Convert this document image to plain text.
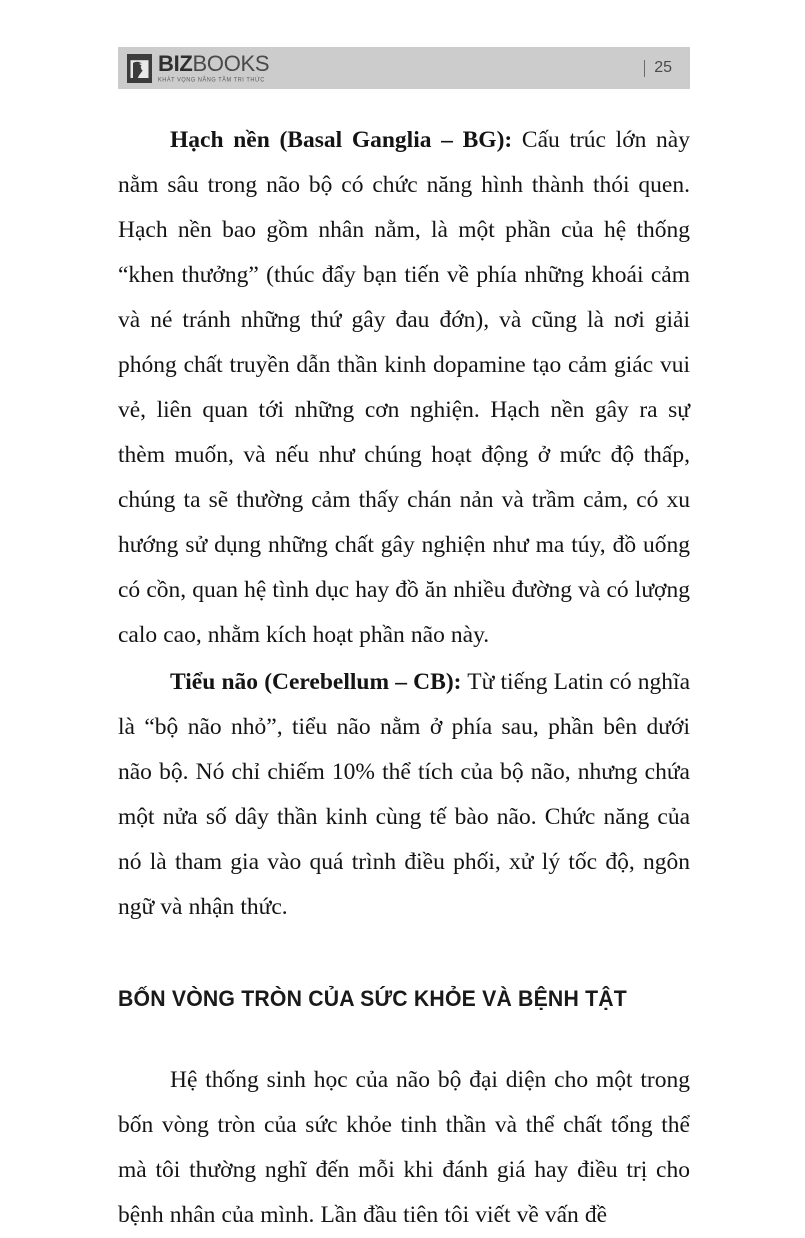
BIZBOOKS
KHÁT VỌNG NÂNG TẦM TRI THỨC
25

Hạch nền (Basal Ganglia – BG): Cấu trúc lớn này nằm sâu trong não bộ có chức năng hình thành thói quen. Hạch nền bao gồm nhân nằm, là một phần của hệ thống “khen thưởng” (thúc đẩy bạn tiến về phía những khoái cảm và né tránh những thứ gây đau đớn), và cũng là nơi giải phóng chất truyền dẫn thần kinh dopamine tạo cảm giác vui vẻ, liên quan tới những cơn nghiện. Hạch nền gây ra sự thèm muốn, và nếu như chúng hoạt động ở mức độ thấp, chúng ta sẽ thường cảm thấy chán nản và trầm cảm, có xu hướng sử dụng những chất gây nghiện như ma túy, đồ uống có cồn, quan hệ tình dục hay đồ ăn nhiều đường và có lượng calo cao, nhằm kích hoạt phần não này.

Tiểu não (Cerebellum – CB): Từ tiếng Latin có nghĩa là “bộ não nhỏ”, tiểu não nằm ở phía sau, phần bên dưới não bộ. Nó chỉ chiếm 10% thể tích của bộ não, nhưng chứa một nửa số dây thần kinh cùng tế bào não. Chức năng của nó là tham gia vào quá trình điều phối, xử lý tốc độ, ngôn ngữ và nhận thức.

BỐN VÒNG TRÒN CỦA SỨC KHỎE VÀ BỆNH TẬT

Hệ thống sinh học của não bộ đại diện cho một trong bốn vòng tròn của sức khỏe tinh thần và thể chất tổng thể mà tôi thường nghĩ đến mỗi khi đánh giá hay điều trị cho bệnh nhân của mình. Lần đầu tiên tôi viết về vấn đề
